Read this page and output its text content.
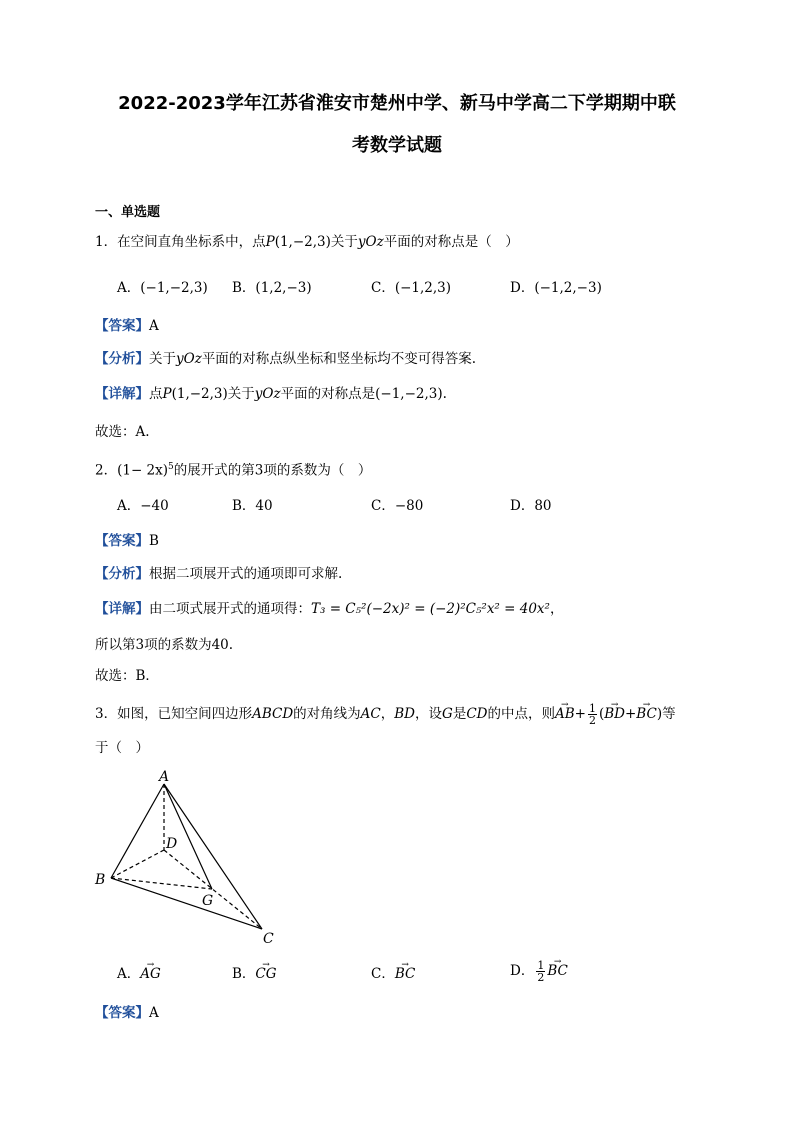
2022-2023学年江苏省淮安市楚州中学、新马中学高二下学期期中联
考数学试题
一、单选题
1．在空间直角坐标系中，点P(1,−2,3)关于yOz平面的对称点是（　）
A．(−1,−2,3) B．(1,2,−3)	C．(−1,2,3)	D．(−1,2,−3)
【答案】A
【分析】关于yOz平面的对称点纵坐标和竖坐标均不变可得答案.
【详解】点P(1,−2,3)关于yOz平面的对称点是(−1,−2,3).
故选：A.
2．$(1- 2x)^5$的展开式的第3项的系数为（　）
A．−40	B．40	C．−80	D．80
【答案】B
【分析】根据二项展开式的通项即可求解.
【详解】由二项式展开式的通项得：T₃ = C₅²(−2x)² = (−2)²C₅²x² = 40x²，
所以第3项的系数为40.
故选：B．
3．如图，已知空间四边形ABCD的对角线为AC，BD，设G是CD的中点，则→ $AB+ \frac{1}{2}$ (→ BD+→ BC)等
于（　）
A
B
C
D
G
A．→ AG	B．→ CG	C．→ BC	D． $\frac{1}{2}$
→ BC
【答案】A
